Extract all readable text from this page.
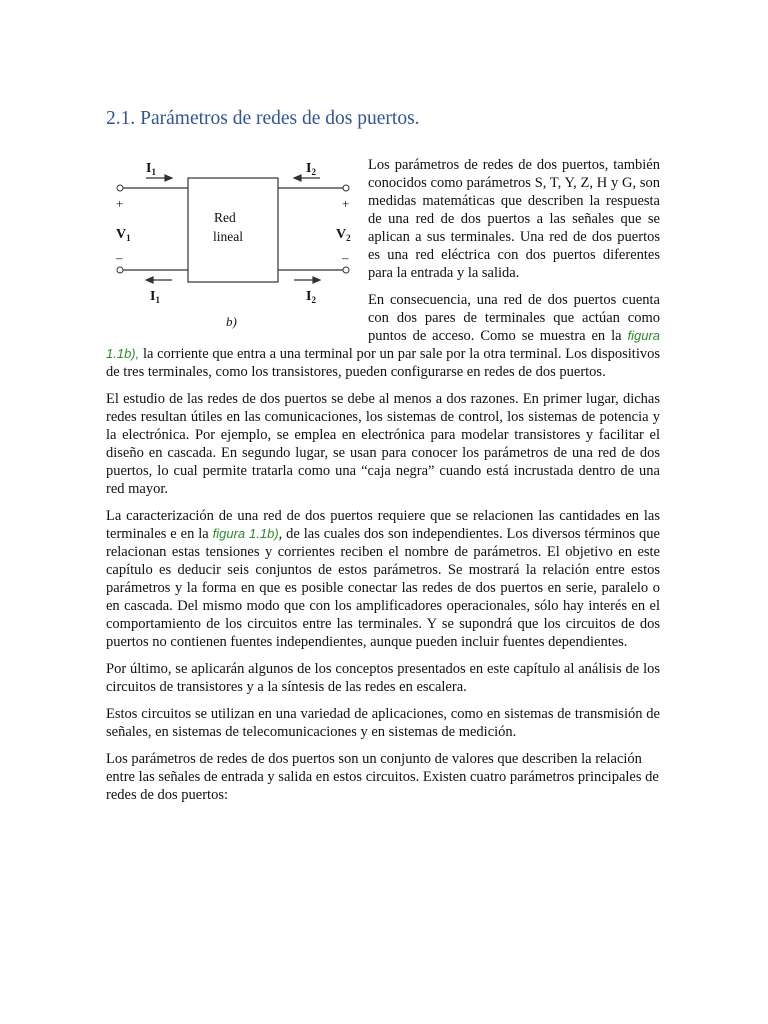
2.1. Parámetros de redes de dos puertos.
$I_1$	$I_2$
$I_1$	$I_2$
+	+
–	–
$V_1$	$V_2$
Red
lineal
b)

Los parámetros de redes de dos puertos, también conocidos como parámetros S, T, Y, Z, H y G, son medidas matemáticas que describen la respuesta de una red de dos puertos a las señales que se aplican a sus terminales. Una red de dos puertos es una red eléctrica con dos puertos diferentes para la entrada y la salida.

En consecuencia, una red de dos puertos cuenta con dos pares de terminales que actúan como puntos de acceso. Como se muestra en la figura 1.1b), la corriente que entra a una terminal por un par sale por la otra terminal. Los dispositivos de tres terminales, como los transistores, pueden configurarse en redes de dos puertos.

El estudio de las redes de dos puertos se debe al menos a dos razones. En primer lugar, dichas redes resultan útiles en las comunicaciones, los sistemas de control, los sistemas de potencia y la electrónica. Por ejemplo, se emplea en electrónica para modelar transistores y facilitar el diseño en cascada. En segundo lugar, se usan para conocer los parámetros de una red de dos puertos, lo cual permite tratarla como una “caja negra” cuando está incrustada dentro de una red mayor.

La caracterización de una red de dos puertos requiere que se relacionen las cantidades en las terminales e en la figura 1.1b), de las cuales dos son independientes. Los diversos términos que relacionan estas tensiones y corrientes reciben el nombre de parámetros. El objetivo en este capítulo es deducir seis conjuntos de estos parámetros. Se mostrará la relación entre estos parámetros y la forma en que es posible conectar las redes de dos puertos en serie, paralelo o en cascada. Del mismo modo que con los amplificadores operacionales, sólo hay interés en el comportamiento de los circuitos entre las terminales. Y se supondrá que los circuitos de dos puertos no contienen fuentes independientes, aunque pueden incluir fuentes dependientes.

Por último, se aplicarán algunos de los conceptos presentados en este capítulo al análisis de los circuitos de transistores y a la síntesis de las redes en escalera.

Estos circuitos se utilizan en una variedad de aplicaciones, como en sistemas de transmisión de señales, en sistemas de telecomunicaciones y en sistemas de medición.

Los parámetros de redes de dos puertos son un conjunto de valores que describen la relación entre las señales de entrada y salida en estos circuitos. Existen cuatro parámetros principales de redes de dos puertos:
